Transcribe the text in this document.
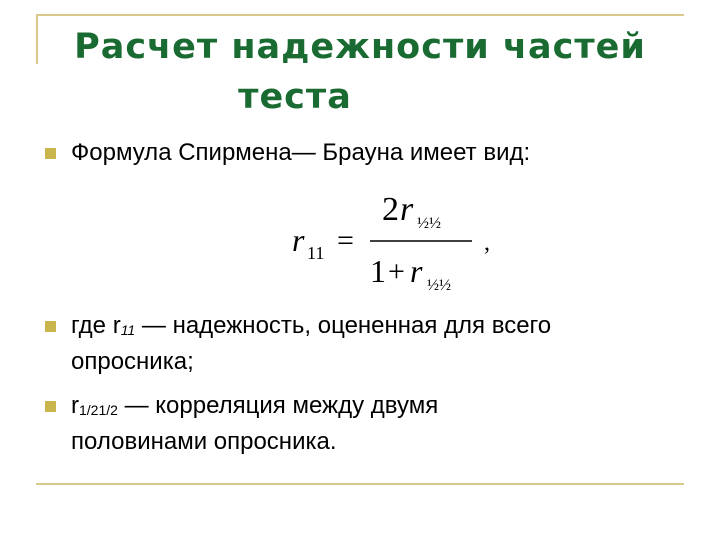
Расчет надежности частей
теста
Формула Спирмена— Брауна имеет вид:
r 11 =
2 r ½½
1 + r ½½
,
где r11 — надежность, оцененная для всего
опросника;
r1/21/2 — корреляция между двумя
половинами опросника.
